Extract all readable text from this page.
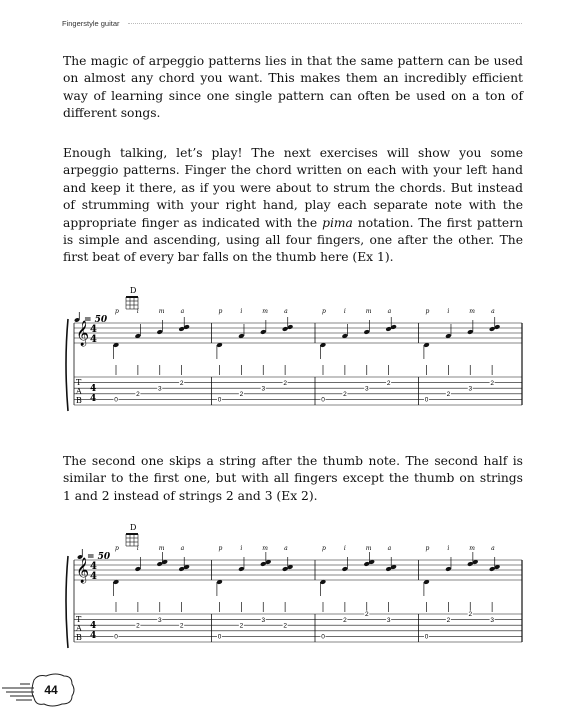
Fingerstyle guitar
The magic of arpeggio patterns lies in that the same pattern can be used
on almost any chord you want. This makes them an incredibly efficient
way of learning since one single pattern can often be used on a ton of
different songs.
Enough talking, let’s play! The next exercises will show you some
arpeggio patterns. Finger the chord written on each with your left hand
and keep it there, as if you were about to strum the chords. But instead
of strumming with your right hand, play each separate note with the
appropriate finger as indicated with the pima notation. The first pattern
is simple and ascending, using all four fingers, one after the other. The
first beat of every bar falls on the thumb here (Ex 1).
D
= 50
𝄞 4
4
T
A
B
4
4
p
0
i
2
m
3
a
2
p
0
i
2
m
3
a
2
p
0
i
2
m
3
a
2
p
0
i
2
m
3
a
2
The second one skips a string after the thumb note. The second half is
similar to the first one, but with all fingers except the thumb on strings
1 and 2 instead of strings 2 and 3 (Ex 2).
D
= 50
𝄞 4
4
T
A
B
4
4
p
0
i
2
m
3
a
2
p
0
i
2
m
3
a
2
p
0
i
2
m
2
a
3
p
0
i
2
m
2
a
3
44
